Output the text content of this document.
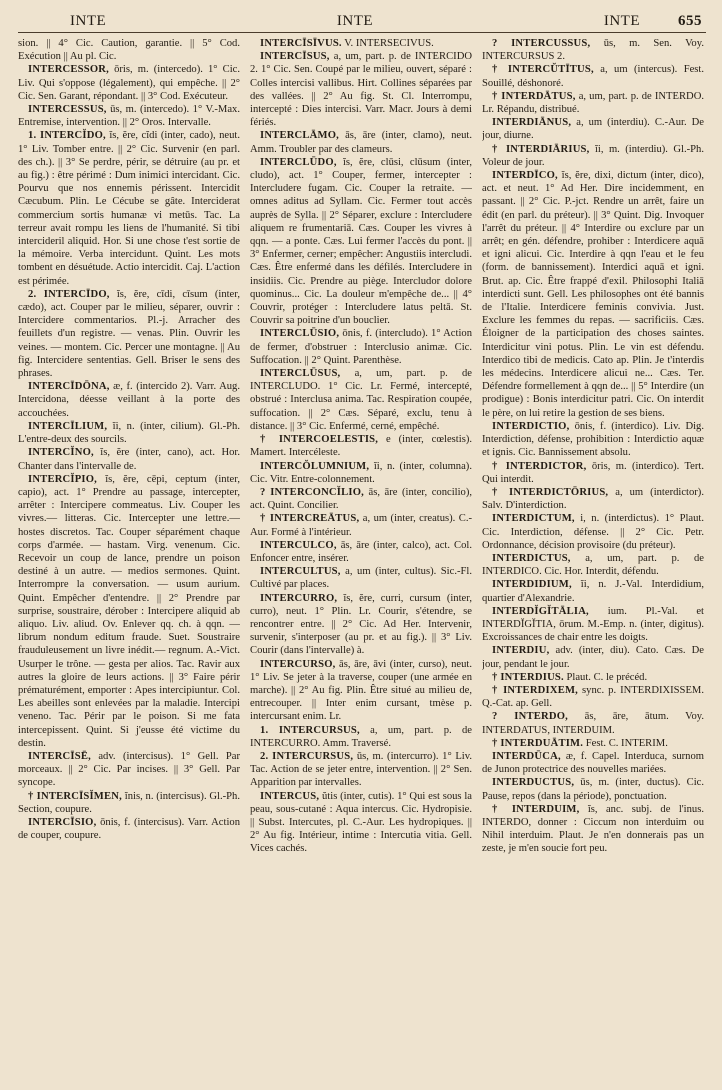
INTE	INTE	INTE	655

sion. || 4° Cic. Caution, garantie. || 5° Cod. Exécution || Au pl. Cic.

INTERCESSOR, ōris, m. (intercedo). 1° Cic. Liv. Qui s'oppose (légalement), qui empêche. || 2° Cic. Sen. Garant, répondant. || 3° Cod. Exécuteur.

INTERCESSUS, ūs, m. (intercedo). 1° V.-Max. Entremise, intervention. || 2° Oros. Intervalle.

1. INTERCĬDO, ĭs, ĕre, cĭdi (inter, cado), neut. 1° Liv. Tomber entre. || 2° Cic. Survenir (en parl. des ch.). || 3° Se perdre, périr, se détruire (au pr. et au fig.) : être périmé : Dum inimici intercidant. Cic. Pourvu que nos ennemis périssent. Intercidit Cæcubum. Plin. Le Cécube se gâte. Interciderat commercium sortis humanæ vi metūs. Tac. La terreur avait rompu les liens de l'humanité. Si tibi intercideril aliquid. Hor. Si une chose t'est sortie de la mémoire. Verba intercidunt. Quint. Les mots tombent en désuétude. Actio intercidit. Caj. L'action est périmée.

2. INTERCĪDO, ĭs, ĕre, cīdi, cīsum (inter, cædo), act. Couper par le milieu, séparer, ouvrir : Intercidere commentarios. Pl.-j. Arracher des feuillets d'un registre. — venas. Plin. Ouvrir les veines. — montem. Cic. Percer une montagne. || Au fig. Intercidere sententias. Gell. Briser le sens des phrases.

INTERCĪDŌNA, æ, f. (intercido 2). Varr. Aug. Intercidona, déesse veillant à la porte des accouchées.

INTERCĪLIUM, ĭi, n. (inter, cilium). Gl.-Ph. L'entre-deux des sourcils.

INTERCĬNO, ĭs, ĕre (inter, cano), act. Hor. Chanter dans l'intervalle de.

INTERCĬPIO, ĭs, ĕre, cēpi, ceptum (inter, capio), act. 1° Prendre au passage, intercepter, arrêter : Intercipere commeatus. Liv. Couper les vivres.— litteras. Cic. Intercepter une lettre.— hostes discretos. Tac. Couper séparément chaque corps d'armée. — hastam. Virg. venenum. Cic. Recevoir un coup de lance, prendre un poison destiné à un autre. — medios sermones. Quint. Interrompre la conversation. — usum aurium. Quint. Empêcher d'entendre. || 2° Prendre par surprise, soustraire, dérober : Intercipere aliquid ab aliquo. Liv. aliud. Ov. Enlever qq. ch. à qqn. — librum nondum editum fraude. Suet. Soustraire frauduleusement un livre inédit.— regnum. A.-Vict. Usurper le trône. — gesta per alios. Tac. Ravir aux autres la gloire de leurs actions. || 3° Faire périr prématurément, emporter : Apes intercipiuntur. Col. Les abeilles sont enlevées par la maladie. Intercipi veneno. Tac. Périr par le poison. Si me fata intercepissent. Quint. Si j'eusse été victime du destin.

INTERCĪSĒ, adv. (intercisus). 1° Gell. Par morceaux. || 2° Cic. Par incises. || 3° Gell. Par syncope.

† INTERCĪSĬMEN, ĭnis, n. (intercisus). Gl.-Ph. Section, coupure.

INTERCĪSIO, ōnis, f. (intercisus). Varr. Action de couper, coupure.

INTERCĪSĪVUS. V. INTERSECIVUS.

INTERCĪSUS, a, um, part. p. de INTERCIDO 2. 1° Cic. Sen. Coupé par le milieu, ouvert, séparé : Colles intercisi vallibus. Hirt. Collines séparées par des vallées. || 2° Au fig. St. Cl. Interrompu, intercepté : Dies intercisi. Varr. Macr. Jours à demi fériés.

INTERCLĀMO, ās, āre (inter, clamo), neut. Amm. Troubler par des clameurs.

INTERCLŪDO, ĭs, ĕre, clūsi, clūsum (inter, cludo), act. 1° Couper, fermer, intercepter : Intercludere fugam. Cic. Couper la retraite. — omnes aditus ad Syllam. Cic. Fermer tout accès auprès de Sylla. || 2° Séparer, exclure : Intercludere aliquem re frumentariā. Cæs. Couper les vivres à qqn. — a ponte. Cæs. Lui fermer l'accès du pont. || 3° Enfermer, cerner; empêcher: Angustiis intercludi. Cæs. Être enfermé dans les défilés. Intercludere in insidiis. Cic. Prendre au piège. Intercludor dolore quominus... Cic. La douleur m'empêche de... || 4° Couvrir, protéger : Intercludere latus peltā. St. Couvrir sa poitrine d'un bouclier.

INTERCLŪSIO, ōnis, f. (intercludo). 1° Action de fermer, d'obstruer : Interclusio animæ. Cic. Suffocation. || 2° Quint. Parenthèse.

INTERCLŪSUS, a, um, part. p. de INTERCLUDO. 1° Cic. Lr. Fermé, intercepté, obstrué : Interclusa anima. Tac. Respiration coupée, suffocation. || 2° Cæs. Séparé, exclu, tenu à distance. || 3° Cic. Enfermé, cerné, empêché.

† INTERCOELESTIS, e (inter, cœlestis). Mamert. Intercéleste.

INTERCŎLUMNIUM, ĭi, n. (inter, columna). Cic. Vitr. Entre-colonnement.

? INTERCONCĬLIO, ās, āre (inter, concilio), act. Quint. Concilier.

† INTERCREĀTUS, a, um (inter, creatus). C.-Aur. Formé à l'intérieur.

INTERCULCO, ās, āre (inter, calco), act. Col. Enfoncer entre, insérer.

INTERCULTUS, a, um (inter, cultus). Sic.-Fl. Cultivé par places.

INTERCURRO, ĭs, ĕre, curri, cursum (inter, curro), neut. 1° Plin. Lr. Courir, s'étendre, se rencontrer entre. || 2° Cic. Ad Her. Intervenir, survenir, s'interposer (au pr. et au fig.). || 3° Liv. Courir (dans l'intervalle) à.

INTERCURSO, ās, āre, āvi (inter, curso), neut. 1° Liv. Se jeter à la traverse, couper (une armée en marche). || 2° Au fig. Plin. Être situé au milieu de, entrecouper. || Inter enim cursant, tmèse p. intercursant enim. Lr.

1. INTERCURSUS, a, um, part. p. de INTERCURRO. Amm. Traversé.

2. INTERCURSUS, ūs, m. (intercurro). 1° Liv. Tac. Action de se jeter entre, intervention. || 2° Sen. Apparition par intervalles.

INTERCUS, ŭtis (inter, cutis). 1° Qui est sous la peau, sous-cutané : Aqua intercus. Cic. Hydropisie. || Subst. Intercutes, pl. C.-Aur. Les hydropiques. || 2° Au fig. Intérieur, intime : Intercutia vitia. Gell. Vices cachés.

? INTERCUSSUS, ūs, m. Sen. Voy. INTERCURSUS 2.

† INTERCŬTĪTUS, a, um (intercus). Fest. Souillé, déshonoré.

† INTERDĀTUS, a, um, part. p. de INTERDO. Lr. Répandu, distribué.

INTERDIĀNUS, a, um (interdiu). C.-Aur. De jour, diurne.

† INTERDIĀRIUS, ĭi, m. (interdiu). Gl.-Ph. Voleur de jour.

INTERDĪCO, ĭs, ĕre, dixi, dictum (inter, dico), act. et neut. 1° Ad Her. Dire incidemment, en passant. || 2° Cic. P.-jct. Rendre un arrêt, faire un édit (en parl. du préteur). || 3° Quint. Dig. Invoquer l'arrêt du préteur. || 4° Interdire ou exclure par un arrêt; en gén. défendre, prohiber : Interdicere aquā et igni alicui. Cic. Interdire à qqn l'eau et le feu (form. de bannissement). Interdici aquā et igni. Brut. ap. Cic. Être frappé d'exil. Philosophi Italiā interdicti sunt. Gell. Les philosophes ont été bannis de l'Italie. Interdicere feminis convivia. Just. Exclure les femmes du repas. — sacrificiis. Cæs. Éloigner de la participation des choses saintes. Interdicitur vini potus. Plin. Le vin est défendu. Interdico tibi de medicis. Cato ap. Plin. Je t'interdis les médecins. Interdicere alicui ne... Cæs. Ter. Défendre formellement à qqn de... || 5° Interdire (un prodigue) : Bonis interdicitur patri. Cic. On interdit le père, on lui retire la gestion de ses biens.

INTERDICTIO, ōnis, f. (interdico). Liv. Dig. Interdiction, défense, prohibition : Interdictio aquæ et ignis. Cic. Bannissement absolu.

† INTERDICTOR, ōris, m. (interdico). Tert. Qui interdit.

† INTERDICTŌRIUS, a, um (interdictor). Salv. D'interdiction.

INTERDICTUM, i, n. (interdictus). 1° Plaut. Cic. Interdiction, défense. || 2° Cic. Petr. Ordonnance, décision provisoire (du préteur).

INTERDICTUS, a, um, part. p. de INTERDICO. Cic. Hor. Interdit, défendu.

INTERDIDIUM, ĭi, n. J.-Val. Interdidium, quartier d'Alexandrie.

INTERDĬGĬTĀLIA, ium. Pl.-Val. et INTERDĬGĬTIA, ōrum. M.-Emp. n. (inter, digitus). Excroissances de chair entre les doigts.

INTERDIU, adv. (inter, diu). Cato. Cæs. De jour, pendant le jour.

† INTERDIUS. Plaut. C. le précéd.

† INTERDIXEM, sync. p. INTERDIXISSEM. Q.-Cat. ap. Gell.

? INTERDO, ās, āre, ātum. Voy. INTERDATUS, INTERDUIM.

† INTERDUĀTIM. Fest. C. INTERIM.

INTERDŪCA, æ, f. Capel. Interduca, surnom de Junon protectrice des nouvelles mariées.

INTERDUCTUS, ūs, m. (inter, ductus). Cic. Pause, repos (dans la période), ponctuation.

† INTERDUIM, ĭs, anc. subj. de l'inus. INTERDO, donner : Ciccum non interduim ou Nihil interduim. Plaut. Je n'en donnerais pas un zeste, je m'en soucie fort peu.
